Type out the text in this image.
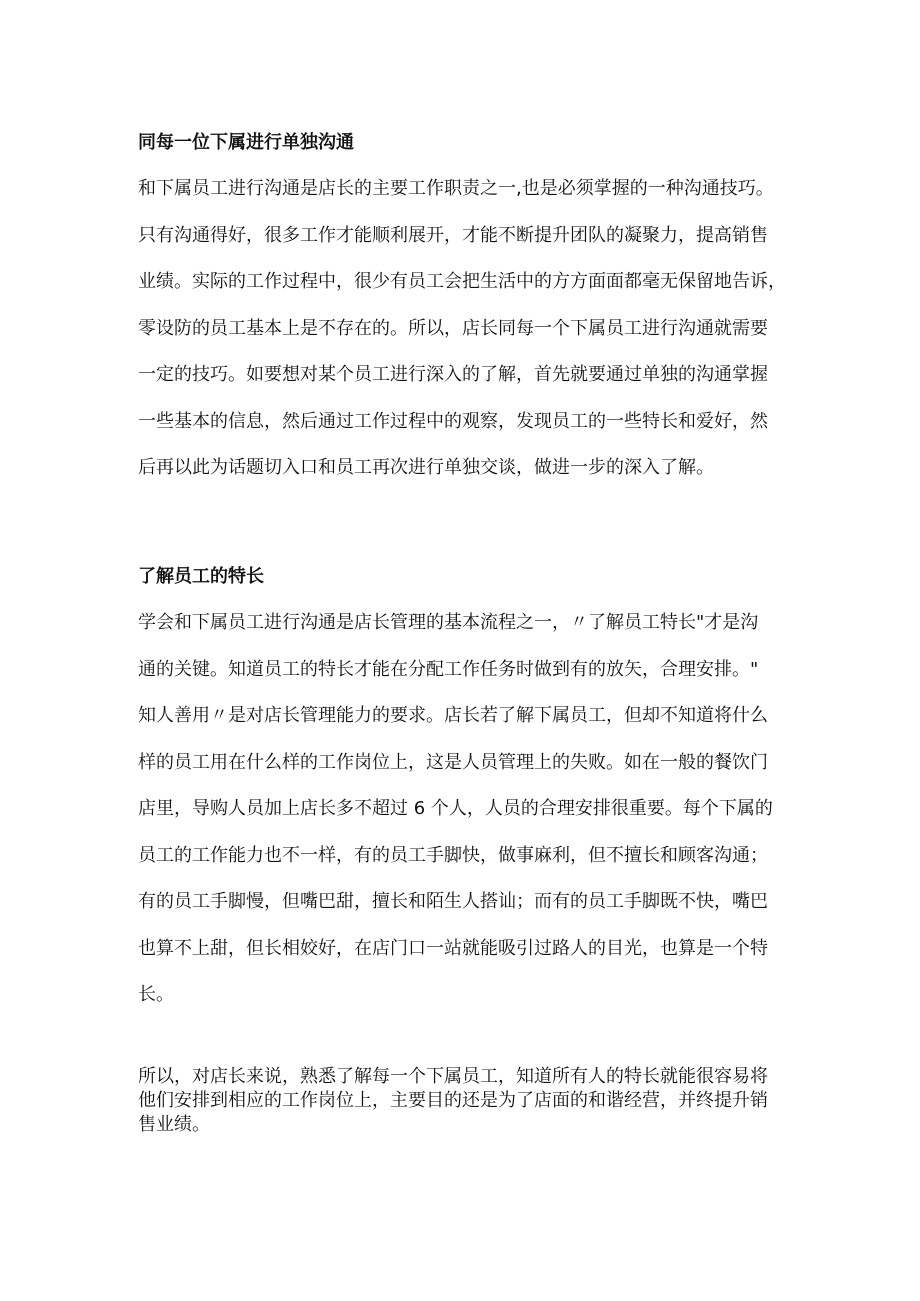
同每一位下属进行单独沟通
和下属员工进行沟通是店长的主要工作职责之一,也是必须掌握的一种沟通技巧。
只有沟通得好，很多工作才能顺利展开，才能不断提升团队的凝聚力，提高销售
业绩。实际的工作过程中，很少有员工会把生活中的方方面面都毫无保留地告诉，
零设防的员工基本上是不存在的。所以，店长同每一个下属员工进行沟通就需要
一定的技巧。如要想对某个员工进行深入的了解，首先就要通过单独的沟通掌握
一些基本的信息，然后通过工作过程中的观察，发现员工的一些特长和爱好，然
后再以此为话题切入口和员工再次进行单独交谈，做进一步的深入了解。
了解员工的特长
学会和下属员工进行沟通是店长管理的基本流程之一，〃了解员工特长"才是沟
通的关键。知道员工的特长才能在分配工作任务时做到有的放矢，合理安排。"
知人善用〃是对店长管理能力的要求。店长若了解下属员工，但却不知道将什么
样的员工用在什么样的工作岗位上，这是人员管理上的失败。如在一般的餐饮门
店里，导购人员加上店长多不超过 6 个人，人员的合理安排很重要。每个下属的
员工的工作能力也不一样，有的员工手脚快，做事麻利，但不擅长和顾客沟通；
有的员工手脚慢，但嘴巴甜，擅长和陌生人搭讪；而有的员工手脚既不快，嘴巴
也算不上甜，但长相姣好，在店门口一站就能吸引过路人的目光，也算是一个特
长。
所以，对店长来说，熟悉了解每一个下属员工，知道所有人的特长就能很容易将
他们安排到相应的工作岗位上，主要目的还是为了店面的和谐经营，并终提升销
售业绩。
